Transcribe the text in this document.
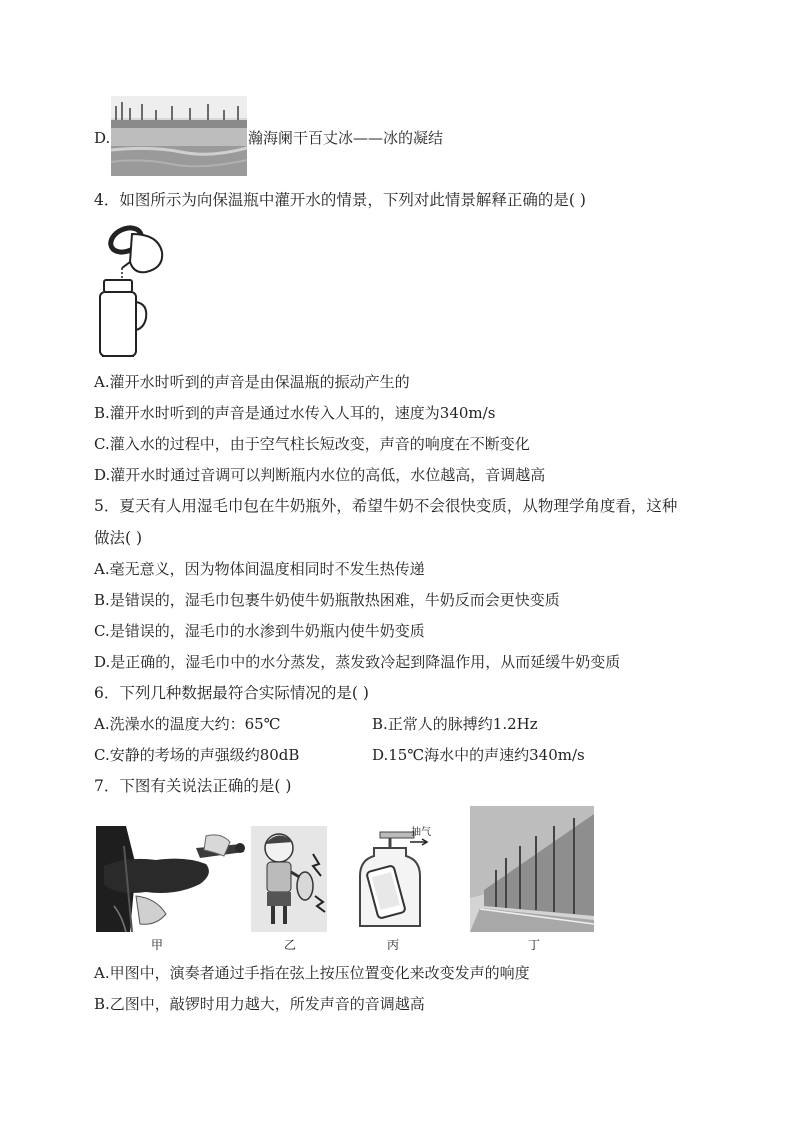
D.	瀚海阑干百丈冰——冰的凝结
4．如图所示为向保温瓶中灌开水的情景，下列对此情景解释正确的是( )
A.灌开水时听到的声音是由保温瓶的振动产生的
B.灌开水时听到的声音是通过水传入人耳的，速度为340m/s
C.灌入水的过程中，由于空气柱长短改变，声音的响度在不断变化
D.灌开水时通过音调可以判断瓶内水位的高低，水位越高，音调越高
5．夏天有人用湿毛巾包在牛奶瓶外，希望牛奶不会很快变质，从物理学角度看，这种
做法( )
A.毫无意义，因为物体间温度相同时不发生热传递
B.是错误的，湿毛巾包裹牛奶使牛奶瓶散热困难，牛奶反而会更快变质
C.是错误的，湿毛巾的水渗到牛奶瓶内使牛奶变质
D.是正确的，湿毛巾中的水分蒸发，蒸发致冷起到降温作用，从而延缓牛奶变质
6．下列几种数据最符合实际情况的是( )
A.洗澡水的温度大约：65℃	B.正常人的脉搏约1.2Hz
C.安静的考场的声强级约80dB	D.15℃海水中的声速约340m/s
7．下图有关说法正确的是( )
甲	乙
抽气
丙	丁
A.甲图中，演奏者通过手指在弦上按压位置变化来改变发声的响度
B.乙图中，敲锣时用力越大，所发声音的音调越高
